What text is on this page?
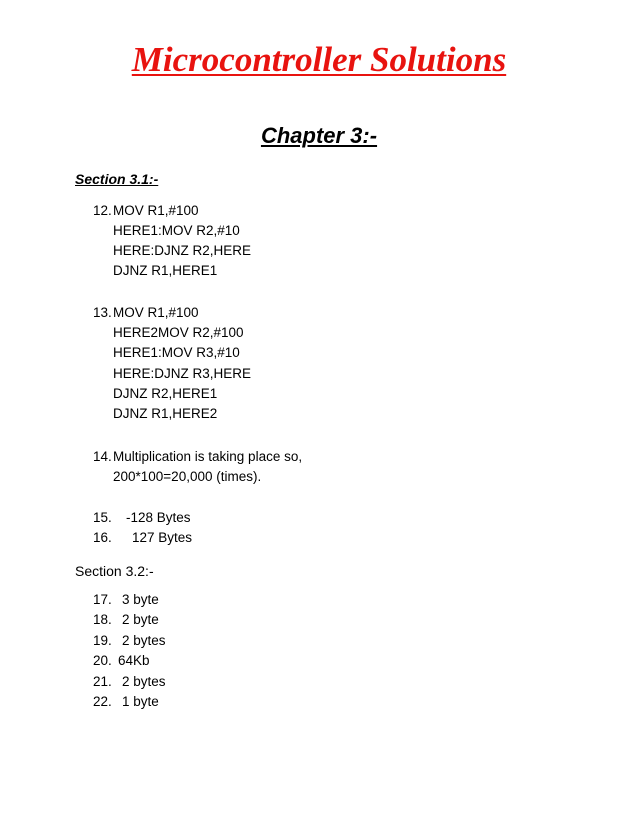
Microcontroller Solutions
Chapter 3:-
Section 3.1:-
12. MOV R1,#100
HERE1:MOV R2,#10
HERE:DJNZ R2,HERE
DJNZ R1,HERE1
13. MOV R1,#100
HERE2MOV R2,#100
HERE1:MOV R3,#10
HERE:DJNZ R3,HERE
DJNZ R2,HERE1
DJNZ R1,HERE2
14. Multiplication is taking place so,
200*100=20,000 (times).
15. -128 Bytes
16. 127 Bytes
Section 3.2:-
17. 3 byte
18. 2 byte
19. 2 bytes
20. 64Kb
21. 2 bytes
22. 1 byte
